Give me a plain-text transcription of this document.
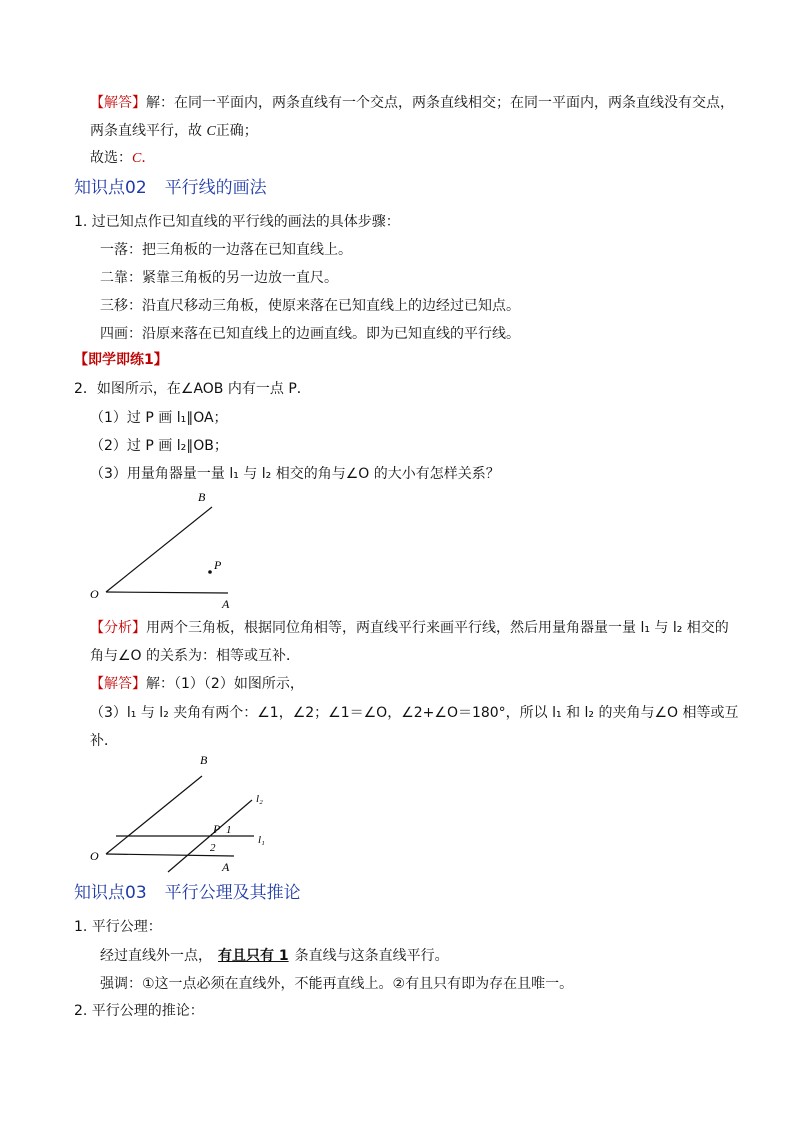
【解答】解：在同一平面内，两条直线有一个交点，两条直线相交；在同一平面内，两条直线没有交点，
两条直线平行，故 C正确；
故选：C．
知识点02 平行线的画法
1. 过已知点作已知直线的平行线的画法的具体步骤：
一落：把三角板的一边落在已知直线上。
二靠：紧靠三角板的另一边放一直尺。
三移：沿直尺移动三角板，使原来落在已知直线上的边经过已知点。
四画：沿原来落在已知直线上的边画直线。即为已知直线的平行线。
【即学即练1】
2．如图所示，在∠AOB 内有一点 P．
（1）过 P 画 l₁∥OA；
（2）过 P 画 l₂∥OB；
（3）用量角器量一量 l₁ 与 l₂ 相交的角与∠O 的大小有怎样关系？
B
P
O
A
【分析】用两个三角板，根据同位角相等，两直线平行来画平行线，然后用量角器量一量 l₁ 与 l₂ 相交的
角与∠O 的关系为：相等或互补．
【解答】解：（1）（2）如图所示，
（3）l₁ 与 l₂ 夹角有两个：∠1，∠2；∠1＝∠O，∠2+∠O＝180°，所以 l₁ 和 l₂ 的夹角与∠O 相等或互
补．
B
l₂
P 1
l₁
2
O
A
知识点03 平行公理及其推论
1. 平行公理：
经过直线外一点， 有且只有 1 条直线与这条直线平行。
强调：①这一点必须在直线外，不能再直线上。②有且只有即为存在且唯一。
2. 平行公理的推论：
